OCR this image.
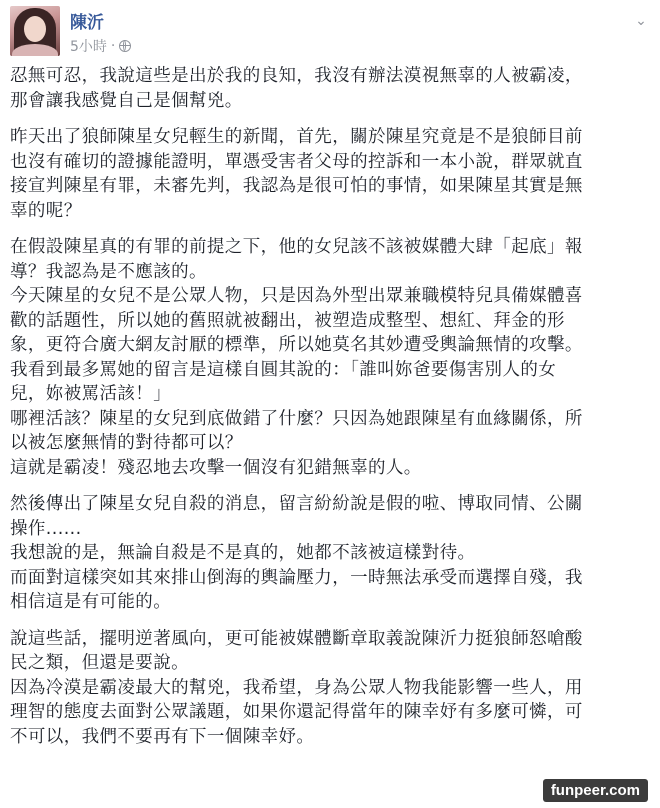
陳沂
5小時 ·
⌄

忍無可忍，我說這些是出於我的良知，我沒有辦法漠視無辜的人被霸凌，
那會讓我感覺自己是個幫兇。

昨天出了狼師陳星女兒輕生的新聞，首先，關於陳星究竟是不是狼師目前
也沒有確切的證據能證明，單憑受害者父母的控訴和一本小說，群眾就直
接宣判陳星有罪，未審先判，我認為是很可怕的事情，如果陳星其實是無
辜的呢？

在假設陳星真的有罪的前提之下，他的女兒該不該被媒體大肆「起底」報
導？我認為是不應該的。
今天陳星的女兒不是公眾人物，只是因為外型出眾兼職模特兒具備媒體喜
歡的話題性，所以她的舊照就被翻出，被塑造成整型、想紅、拜金的形
象，更符合廣大網友討厭的標準，所以她莫名其妙遭受輿論無情的攻擊。
我看到最多罵她的留言是這樣自圓其說的：「誰叫妳爸要傷害別人的女
兒，妳被罵活該！」
哪裡活該？陳星的女兒到底做錯了什麼？只因為她跟陳星有血緣關係，所
以被怎麼無情的對待都可以？
這就是霸凌！殘忍地去攻擊一個沒有犯錯無辜的人。

然後傳出了陳星女兒自殺的消息，留言紛紛說是假的啦、博取同情、公關
操作......
我想說的是，無論自殺是不是真的，她都不該被這樣對待。
而面對這樣突如其來排山倒海的輿論壓力，一時無法承受而選擇自殘，我
相信這是有可能的。

說這些話，擺明逆著風向，更可能被媒體斷章取義說陳沂力挺狼師怒嗆酸
民之類，但還是要說。
因為冷漠是霸凌最大的幫兇，我希望，身為公眾人物我能影響一些人，用
理智的態度去面對公眾議題，如果你還記得當年的陳幸妤有多麼可憐，可
不可以，我們不要再有下一個陳幸妤。

funpeer.com
